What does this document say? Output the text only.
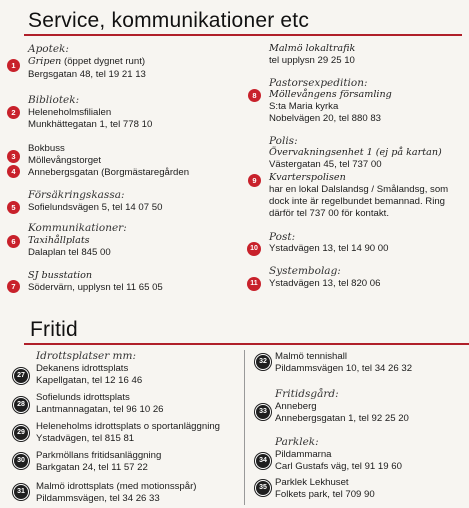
Service, kommunikationer etc
1
Apotek:
Gripen (öppet dygnet runt)
Bergsgatan 48, tel 19 21 13
2
Bibliotek:
Heleneholmsfilialen
Munkhättegatan 1, tel 778 10
3
Bokbuss
Möllevångstorget
4	Annebergsgatan (Borgmästaregården
5
Försäkringskassa:
Sofielundsvägen 5, tel 14 07 50
6
Kommunikationer:
Taxihållplats
Dalaplan tel 845 00
7
SJ busstation
Södervärn, upplysn tel 11 65 05
Malmö lokaltrafik
tel upplysn 29 25 10
8
Pastorsexpedition:
Möllevångens församling
S:ta Maria kyrka
Nobelvägen 20, tel 880 83
Polis:
Övervakningsenhet 1 (ej på kartan)
Västergatan 45, tel 737 00
9	Kvarterspolisen
har en lokal Dalslandsg / Smålandsg, som
dock inte är regelbundet bemannad. Ring
därför tel 737 00 för kontakt.
10
Post:
Ystadvägen 13, tel 14 90 00
11
Systembolag:
Ystadvägen 13, tel 820 06
Fritid
Idrottsplatser mm:
27
Dekanens idrottsplats
Kapellgatan, tel 12 16 46
28
Sofielunds idrottsplats
Lantmannagatan, tel 96 10 26
29
Heleneholms idrottsplats o sportanläggning
Ystadvägen, tel 815 81
30	Parkmöllans fritidsanläggning
Barkgatan 24, tel 11 57 22
31	Malmö idrottsplats (med motionsspår)
Pildammsvägen, tel 34 26 33
32 Malmö tennishall
Pildammsvägen 10, tel 34 26 32
33
Fritidsgård:
Anneberg
Annebergsgatan 1, tel 92 25 20
34
Parklek:
Pildammarna
Carl Gustafs väg, tel 91 19 60
35 Parklek Lekhuset
Folkets park, tel 709 90
